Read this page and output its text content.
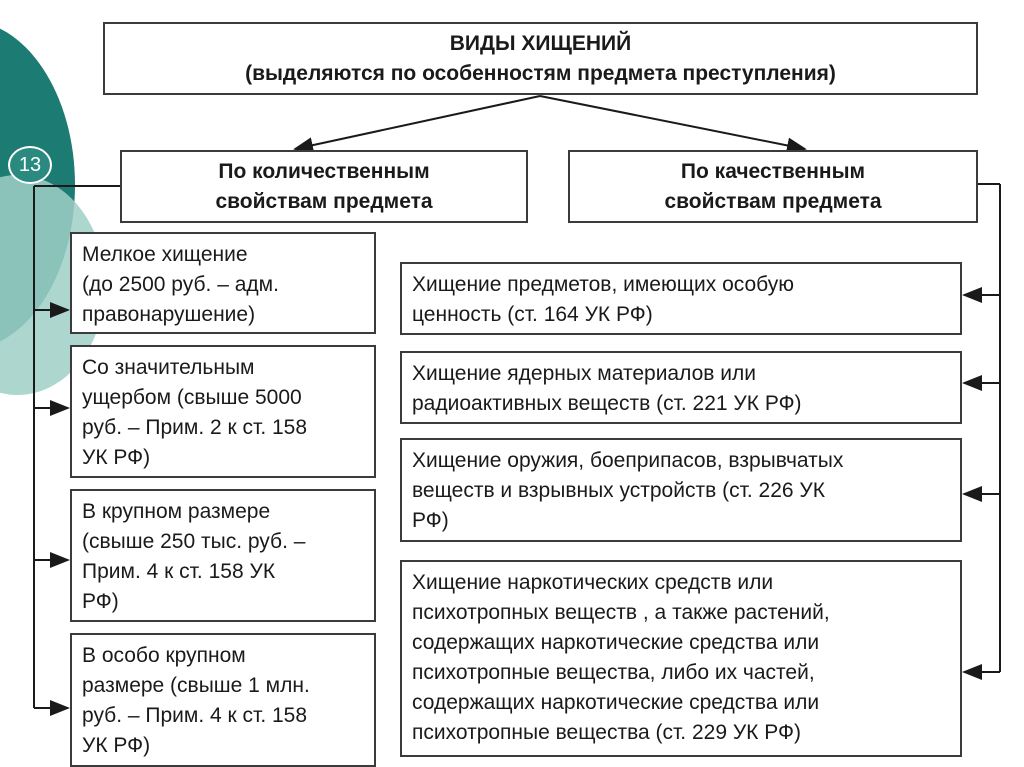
13
ВИДЫ ХИЩЕНИЙ
(выделяются по особенностям предмета преступления)
По количественным
свойствам предмета
По качественным
свойствам предмета
Мелкое хищение
(до 2500 руб. – адм.
правонарушение)
Со значительным
ущербом (свыше 5000
руб. – Прим. 2 к ст. 158
УК РФ)
В крупном размере
(свыше 250 тыс. руб. –
Прим. 4 к ст. 158 УК
РФ)
В особо крупном
размере (свыше 1 млн.
руб. – Прим. 4 к ст. 158
УК РФ)
Хищение предметов, имеющих особую
ценность (ст. 164 УК РФ)
Хищение ядерных материалов или
радиоактивных веществ (ст. 221 УК РФ)
Хищение оружия, боеприпасов, взрывчатых
веществ и взрывных устройств (ст. 226 УК
РФ)
Хищение наркотических средств или
психотропных веществ , а также растений,
содержащих наркотические средства или
психотропные вещества, либо их частей,
содержащих наркотические средства или
психотропные вещества (ст. 229 УК РФ)
